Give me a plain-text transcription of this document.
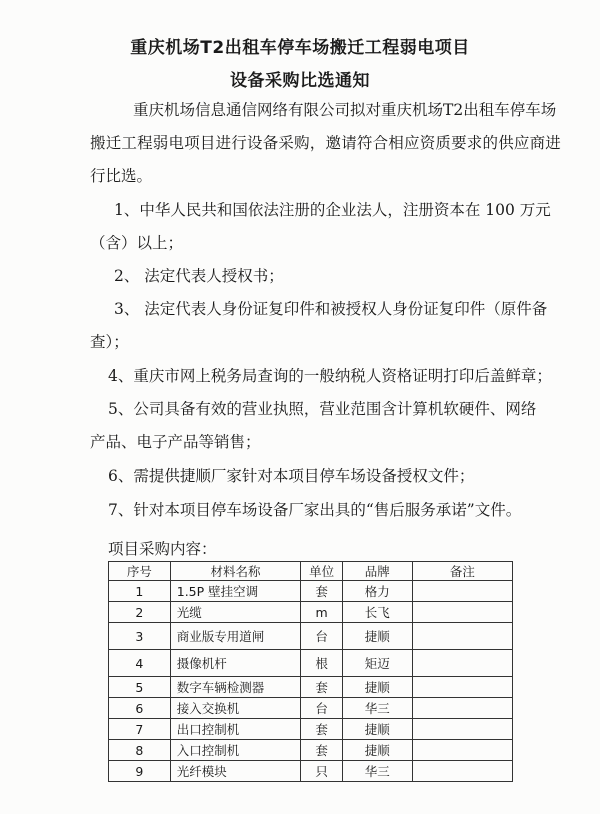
重庆机场T2出租车停车场搬迁工程弱电项目
设备采购比选通知
重庆机场信息通信网络有限公司拟对重庆机场T2出租车停车场
搬迁工程弱电项目进行设备采购，邀请符合相应资质要求的供应商进
行比选。
1、中华人民共和国依法注册的企业法人，注册资本在 100 万元
（含）以上；
2、 法定代表人授权书；
3、 法定代表人身份证复印件和被授权人身份证复印件（原件备
查）；
4、重庆市网上税务局查询的一般纳税人资格证明打印后盖鲜章；
5、公司具备有效的营业执照，营业范围含计算机软硬件、网络
产品、电子产品等销售；
6、需提供捷顺厂家针对本项目停车场设备授权文件；
7、针对本项目停车场设备厂家出具的“售后服务承诺”文件。
项目采购内容：
序号	材料名称	单位	品牌	备注
1	1.5P 壁挂空调	套	格力	
2	光缆	m	长飞	
3	商业版专用道闸	台	捷顺	
4	摄像机杆	根	矩迈	
5	数字车辆检测器	套	捷顺	
6	接入交换机	台	华三	
7	出口控制机	套	捷顺	
8	入口控制机	套	捷顺	
9	光纤模块	只	华三	
